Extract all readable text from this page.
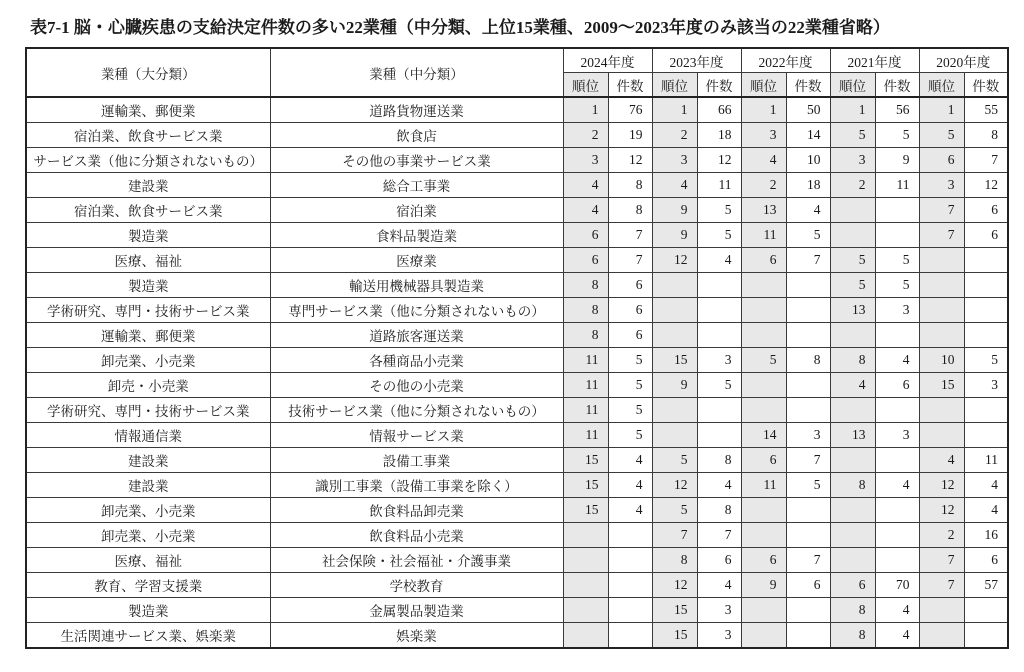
表7-1 脳・心臓疾患の支給決定件数の多い22業種（中分類、上位15業種、2009～2023年度のみ該当の22業種省略）
業種（大分類）	業種（中分類）	2024年度		2023年度		2022年度		2021年度		2020年度	
		順位	件数	順位	件数	順位	件数	順位	件数	順位	件数
運輸業、郵便業	道路貨物運送業	1	76	1	66	1	50	1	56	1	55
宿泊業、飲食サービス業	飲食店	2	19	2	18	3	14	5	5	5	8
サービス業（他に分類されないもの）	その他の事業サービス業	3	12	3	12	4	10	3	9	6	7
建設業	総合工事業	4	8	4	11	2	18	2	11	3	12
宿泊業、飲食サービス業	宿泊業	4	8	9	5	13	4			7	6
製造業	食料品製造業	6	7	9	5	11	5			7	6
医療、福祉	医療業	6	7	12	4	6	7	5	5		
製造業	輸送用機械器具製造業	8	6					5	5		
学術研究、専門・技術サービス業	専門サービス業（他に分類されないもの）	8	6					13	3		
運輸業、郵便業	道路旅客運送業	8	6								
卸売業、小売業	各種商品小売業	11	5	15	3	5	8	8	4	10	5
卸売・小売業	その他の小売業	11	5	9	5			4	6	15	3
学術研究、専門・技術サービス業	技術サービス業（他に分類されないもの）	11	5								
情報通信業	情報サービス業	11	5			14	3	13	3		
建設業	設備工事業	15	4	5	8	6	7			4	11
建設業	識別工事業（設備工事業を除く）	15	4	12	4	11	5	8	4	12	4
卸売業、小売業	飲食料品卸売業	15	4	5	8					12	4
卸売業、小売業	飲食料品小売業			7	7					2	16
医療、福祉	社会保険・社会福祉・介護事業			8	6	6	7			7	6
教育、学習支援業	学校教育			12	4	9	6	6	70	7	57
製造業	金属製品製造業			15	3			8	4		
生活関連サービス業、娯楽業	娯楽業			15	3			8	4		
